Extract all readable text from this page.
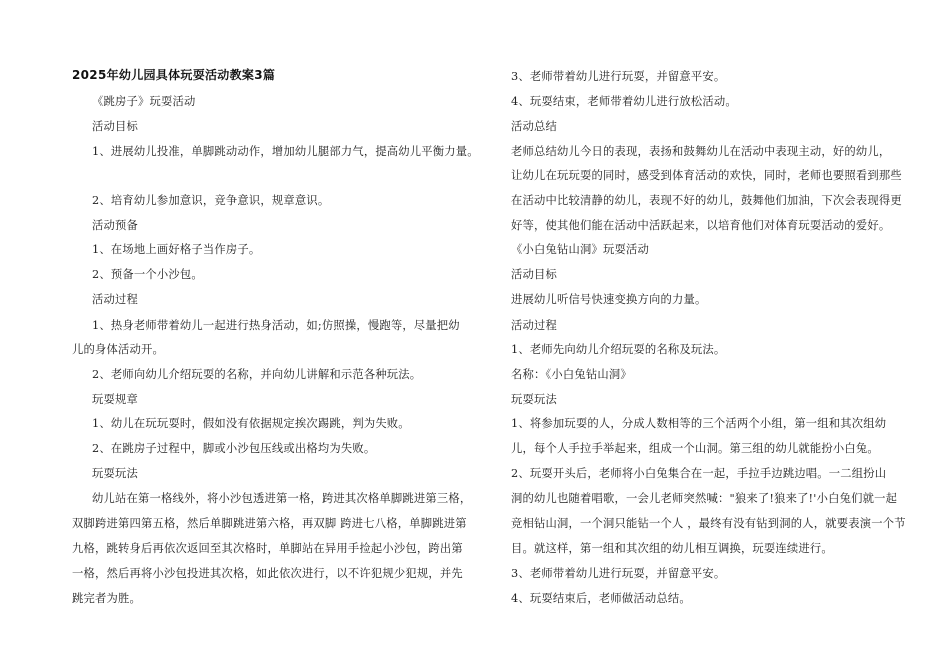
2025年幼儿园具体玩耍活动教案3篇
《跳房子》玩耍活动
活动目标
1、进展幼儿投准，单脚跳动动作，增加幼儿腿部力气，提高幼儿平衡力量。
2、培育幼儿参加意识，竞争意识，规章意识。
活动预备
1、在场地上画好格子当作房子。
2、预备一个小沙包。
活动过程
1、热身老师带着幼儿一起进行热身活动，如;仿照操，慢跑等，尽量把幼
儿的身体活动开。
2、老师向幼儿介绍玩耍的名称，并向幼儿讲解和示范各种玩法。
玩耍规章
1、幼儿在玩玩耍时，假如没有依据规定挨次踢跳，判为失败。
2、在跳房子过程中，脚或小沙包压线或出格均为失败。
玩耍玩法
幼儿站在第一格线外，将小沙包透进第一格，跨进其次格单脚跳进第三格，
双脚跨进第四第五格，然后单脚跳进第六格，再双脚 跨进七八格，单脚跳进第
九格，跳转身后再依次返回至其次格时，单脚站在异用手捡起小沙包，跨出第
一格，然后再将小沙包投进其次格，如此依次进行，以不许犯规少犯规，并先
跳完者为胜。
3、老师带着幼儿进行玩耍，并留意平安。
4、玩耍结束，老师带着幼儿进行放松活动。
活动总结
老师总结幼儿今日的表现，表扬和鼓舞幼儿在活动中表现主动，好的幼儿，
让幼儿在玩玩耍的同时，感受到体育活动的欢快，同时，老师也要照看到那些
在活动中比较清静的幼儿，表现不好的幼儿，鼓舞他们加油，下次会表现得更
好等，使其他们能在活动中活跃起来，以培育他们对体育玩耍活动的爱好。
《小白兔钻山洞》玩耍活动
活动目标
进展幼儿听信号快速变换方向的力量。
活动过程
1、老师先向幼儿介绍玩耍的名称及玩法。
名称：《小白兔钻山洞》
玩耍玩法
1、将参加玩耍的人，分成人数相等的三个活两个小组，第一组和其次组幼
儿，每个人手拉手举起来，组成一个山洞。第三组的幼儿就能扮小白兔。
2、玩耍开头后，老师将小白兔集合在一起，手拉手边跳边唱。一二组扮山
洞的幼儿也随着唱歌，一会儿老师突然喊："狼来了!狼来了!'小白兔们就一起
竞相钻山洞，一个洞只能钻一个人 ，最终有没有钻到洞的人，就要表演一个节
目。就这样，第一组和其次组的幼儿相互调换，玩耍连续进行。
3、老师带着幼儿进行玩耍，并留意平安。
4、玩耍结束后，老师做活动总结。
